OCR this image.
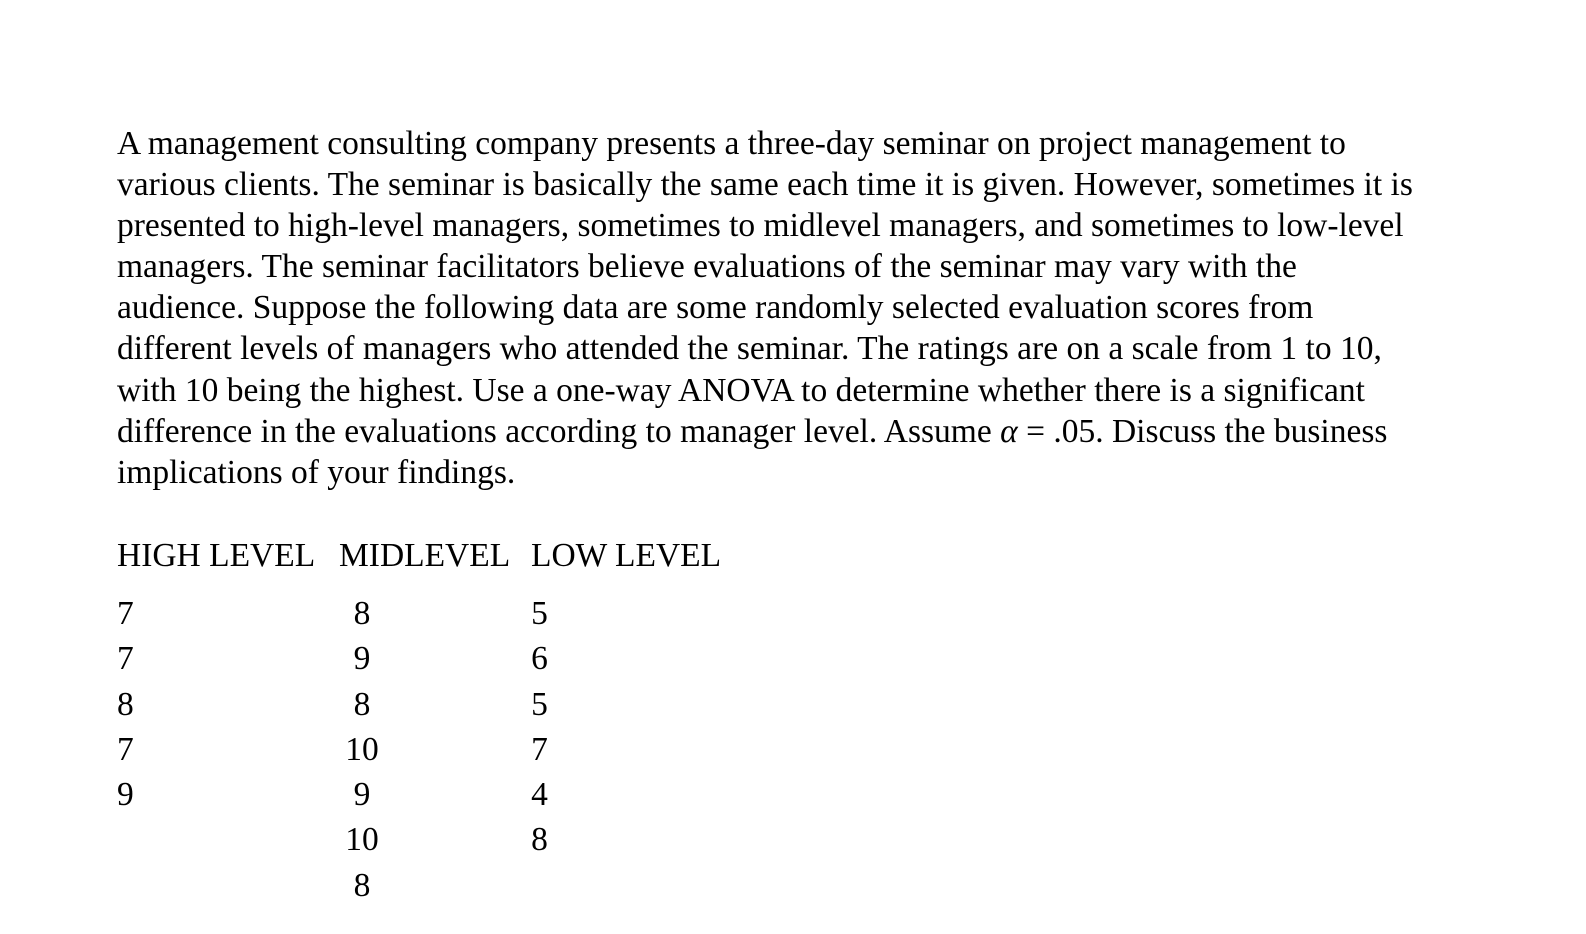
A management consulting company presents a three-day seminar on project management to
various clients. The seminar is basically the same each time it is given. However, sometimes it is
presented to high-level managers, sometimes to midlevel managers, and sometimes to low-level
managers. The seminar facilitators believe evaluations of the seminar may vary with the
audience. Suppose the following data are some randomly selected evaluation scores from
different levels of managers who attended the seminar. The ratings are on a scale from 1 to 10,
with 10 being the highest. Use a one-way ANOVA to determine whether there is a significant
difference in the evaluations according to manager level. Assume α = .05. Discuss the business
implications of your findings.

HIGH LEVEL MIDLEVEL LOW LEVEL
7
7
8
7
9
8
9
8
10
9
10
8
5
6
5
7
4
8
